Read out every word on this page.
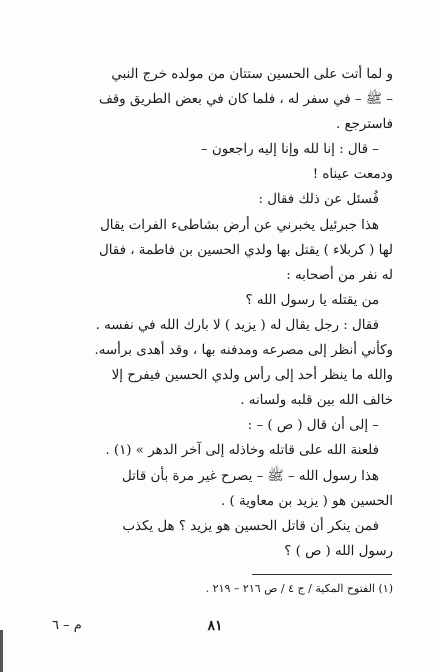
و لما أتت على الحسين ستتان من مولده خرج النبي
– ﷺ – في سفر له ، فلما كان في بعض الطريق وقف
فاسترجع .
– قال : إنا لله وإنا إليه راجعون –
ودمعت عيناه !
فُسئل عن ذلك فقال :
هذا جبرئيل يخبرني عن أرض بشاطىء الفرات يقال
لها ( كربلاء ) يقتل بها ولدي الحسين بن فاطمة ، فقال
له نفر من أصحابه :
من يقتله يا رسول الله ؟
فقال : رجل يقال له ( يزيد ) لا بارك الله في نفسه .
وكأني أنظر إلى مصرعه ومدفنه بها ، وقد أهدى برأسه.
والله ما ينظر أحد إلى رأس ولدي الحسين فيفرح إلا
خالف الله بين قلبه ولسانه .
– إلى أن قال ( ص ) – :
فلعنة الله على قاتله وخاذله إلى آخر الدهر » (١) .
هذا رسول الله – ﷺ – يصرح غير مرة بأن قاتل
الحسين هو ( يزيد بن معاوية ) .
فمن ينكر أن قاتل الحسين هو يزيد ؟ هل يكذب
رسول الله ( ص ) ؟
(١) الفتوح المكية / ج ٤ / ص ٢١٦ – ٢١٩ .
٨١
م – ٦
